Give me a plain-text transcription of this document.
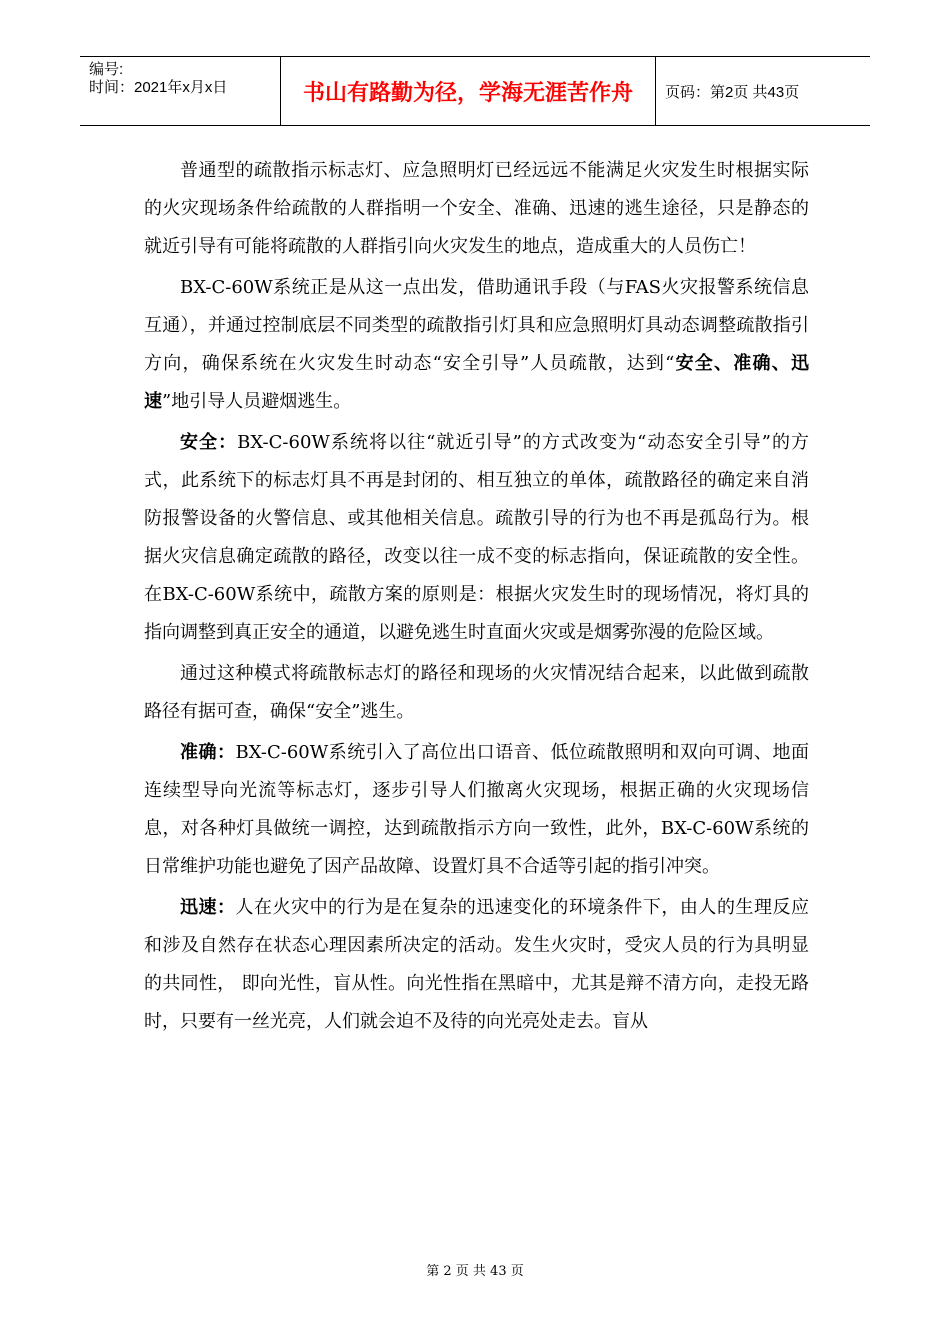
编号:
时间：2021年x月x日	书山有路勤为径，学海无涯苦作舟	页码：第2页 共43页

普通型的疏散指示标志灯、应急照明灯已经远远不能满足火灾发生时根据实际的火灾现场条件给疏散的人群指明一个安全、准确、迅速的逃生途径，只是静态的就近引导有可能将疏散的人群指引向火灾发生的地点，造成重大的人员伤亡！

BX-C-60W系统正是从这一点出发，借助通讯手段（与FAS火灾报警系统信息互通），并通过控制底层不同类型的疏散指引灯具和应急照明灯具动态调整疏散指引方向，确保系统在火灾发生时动态“安全引导”人员疏散，达到“安全、准确、迅速”地引导人员避烟逃生。

安全：BX-C-60W系统将以往“就近引导”的方式改变为“动态安全引导”的方式，此系统下的标志灯具不再是封闭的、相互独立的单体，疏散路径的确定来自消防报警设备的火警信息、或其他相关信息。疏散引导的行为也不再是孤岛行为。根据火灾信息确定疏散的路径，改变以往一成不变的标志指向，保证疏散的安全性。在BX-C-60W系统中，疏散方案的原则是：根据火灾发生时的现场情况，将灯具的指向调整到真正安全的通道，以避免逃生时直面火灾或是烟雾弥漫的危险区域。

通过这种模式将疏散标志灯的路径和现场的火灾情况结合起来，以此做到疏散路径有据可查，确保“安全”逃生。

准确：BX-C-60W系统引入了高位出口语音、低位疏散照明和双向可调、地面连续型导向光流等标志灯，逐步引导人们撤离火灾现场，根据正确的火灾现场信息，对各种灯具做统一调控，达到疏散指示方向一致性，此外，BX-C-60W系统的日常维护功能也避免了因产品故障、设置灯具不合适等引起的指引冲突。

迅速：人在火灾中的行为是在复杂的迅速变化的环境条件下，由人的生理反应和涉及自然存在状态心理因素所决定的活动。发生火灾时，受灾人员的行为具明显的共同性， 即向光性，盲从性。向光性指在黑暗中，尤其是辩不清方向，走投无路时，只要有一丝光亮，人们就会迫不及待的向光亮处走去。盲从

第 2 页 共 43 页
